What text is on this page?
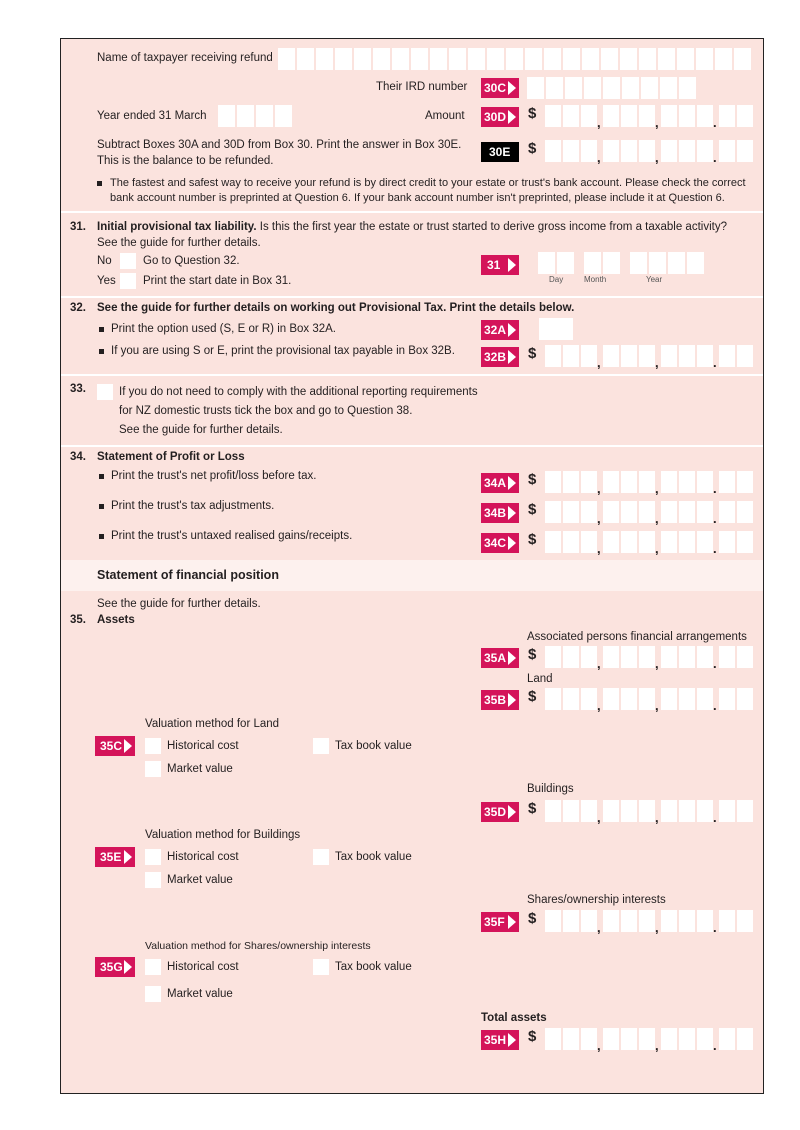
Name of taxpayer receiving refund
Their IRD number 30C
Year ended 31 March	Amount 30D
Subtract Boxes 30A and 30D from Box 30. Print the answer in Box 30E.
This is the balance to be refunded.
30E
The fastest and safest way to receive your refund is by direct credit to your estate or trust's bank account. Please check the correct
bank account number is preprinted at Question 6. If your bank account number isn't preprinted, please include it at Question 6.
31. Initial provisional tax liability. Is this the first year the estate or trust started to derive gross income from a taxable activity?
See the guide for further details.
No	Go to Question 32.
Yes Print the start date in Box 31.
31
Day	Month	Year
32. See the guide for further details on working out Provisional Tax. Print the details below.
Print the option used (S, E or R) in Box 32A.	32A
If you are using S or E, print the provisional tax payable in Box 32B. 32B
33.	If you do not need to comply with the additional reporting requirements
for NZ domestic trusts tick the box and go to Question 38.
See the guide for further details.
34. Statement of Profit or Loss
Print the trust's net profit/loss before tax.	34A
Print the trust's tax adjustments.	34B
Print the trust's untaxed realised gains/receipts.	34C
Statement of financial position
See the guide for further details.
35. Assets
Associated persons financial arrangements
35A
Land
35B
Valuation method for Land
35C	Historical cost	Tax book value
Market value
Buildings
35D
Valuation method for Buildings
35E	Historical cost	Tax book value
Market value
Shares/ownership interests
35F
Valuation method for Shares/ownership interests
35G	Historical cost	Tax book value
Market value
Total assets
35H
$
,	,	.
$
,	,	.
$
,	,	.
$
,	,	.
$
,	,	.
$
,	,	.
$
,	,	.
$
,	,	.
$
,	,	.
$
,	,	.
$
,	,	.
